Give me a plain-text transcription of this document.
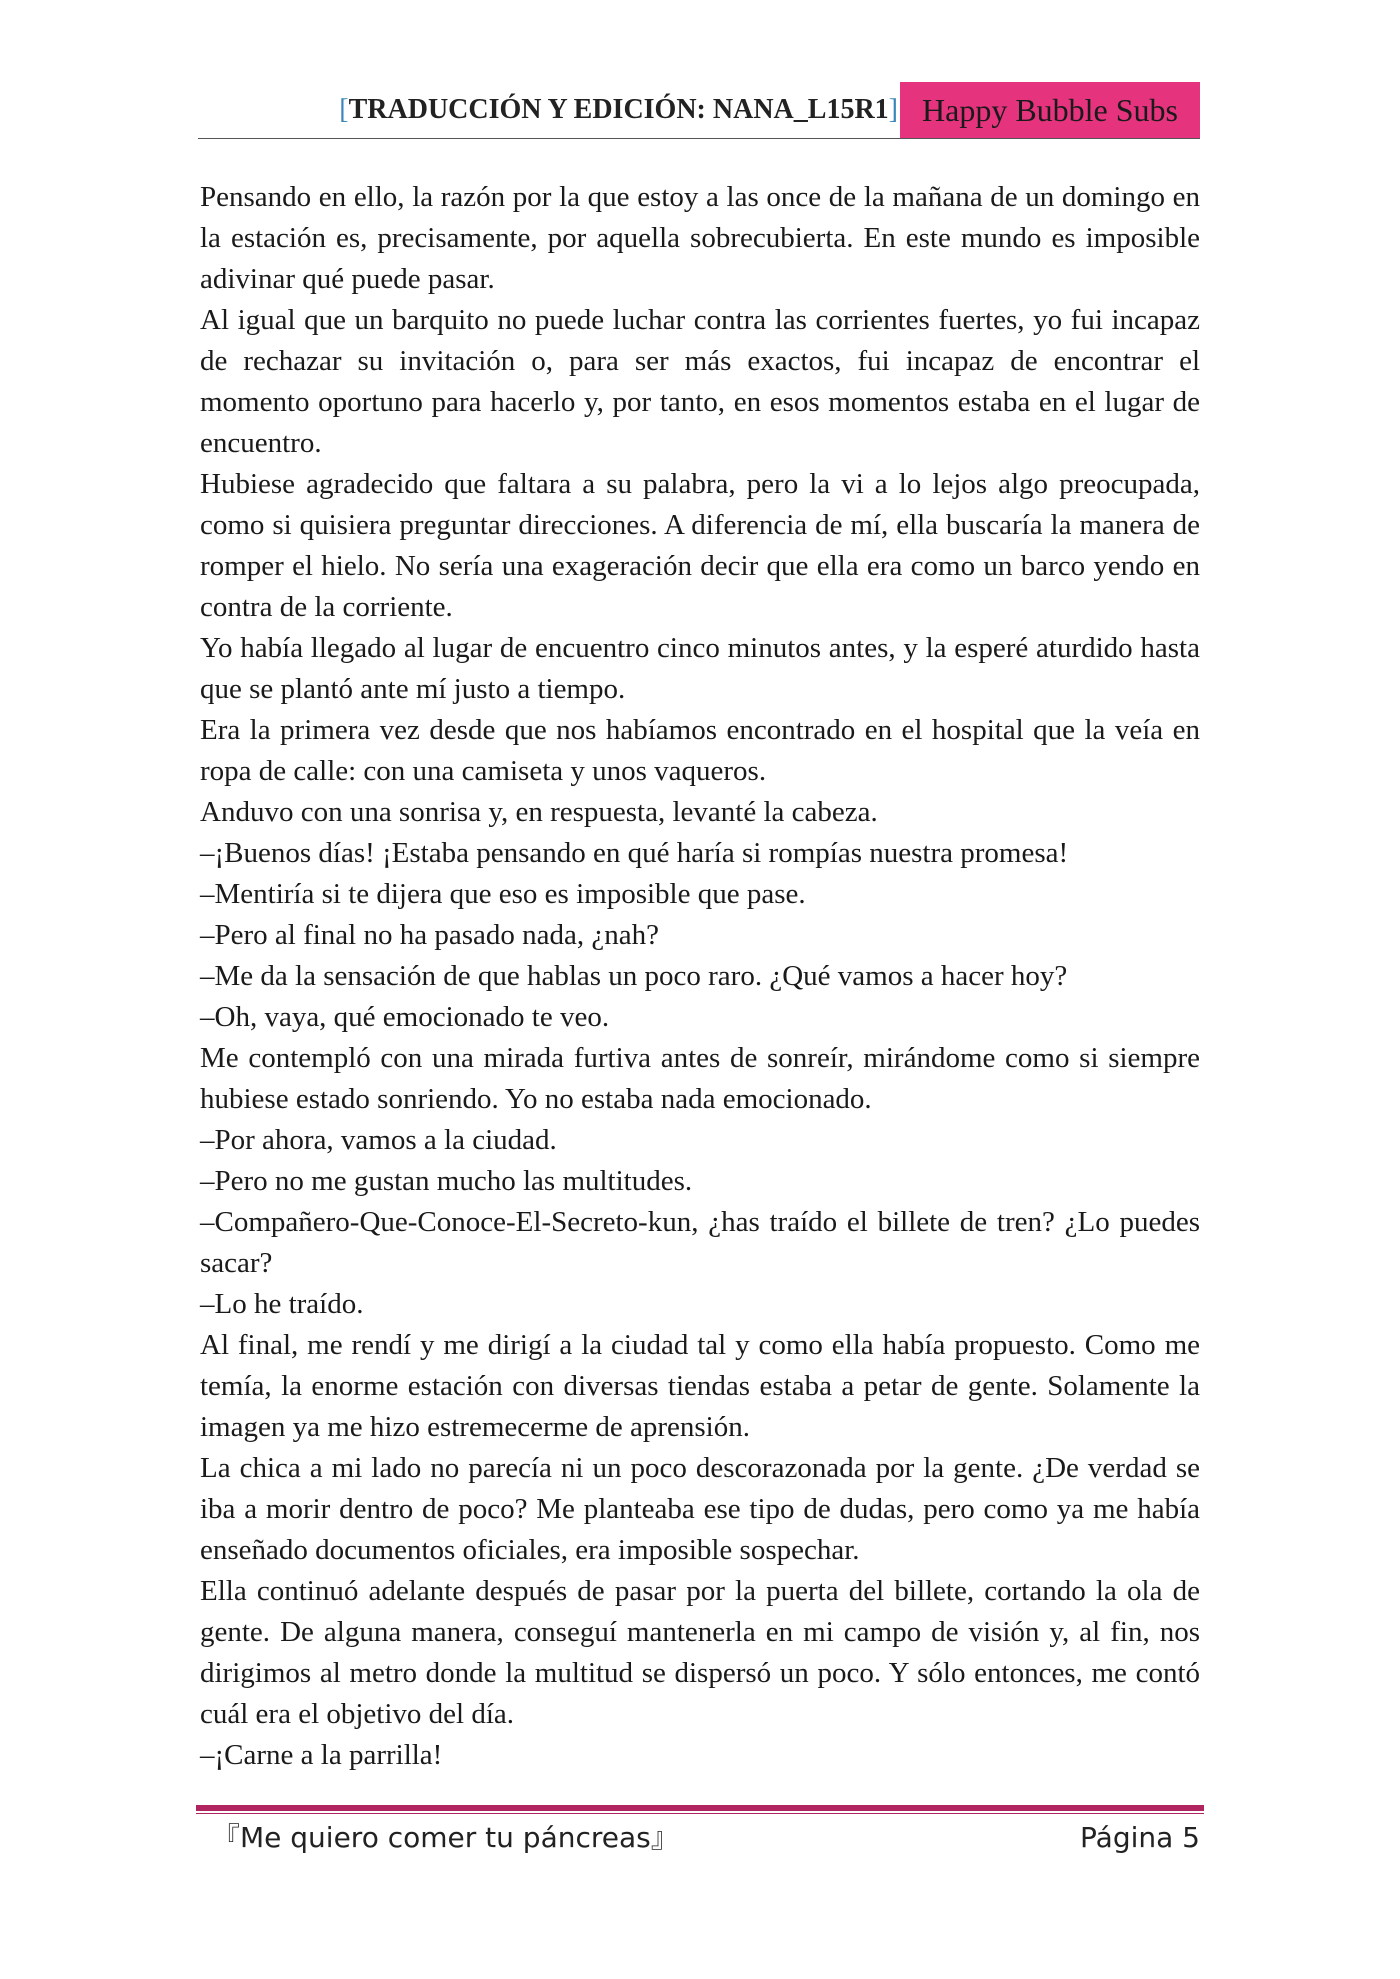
[TRADUCCIÓN Y EDICIÓN: NANA_L15R1] Happy Bubble Subs

Pensando en ello, la razón por la que estoy a las once de la mañana de un domingo en la estación es, precisamente, por aquella sobrecubierta. En este mundo es imposible adivinar qué puede pasar.

Al igual que un barquito no puede luchar contra las corrientes fuertes, yo fui incapaz de rechazar su invitación o, para ser más exactos, fui incapaz de encontrar el momento oportuno para hacerlo y, por tanto, en esos momentos estaba en el lugar de encuentro.

Hubiese agradecido que faltara a su palabra, pero la vi a lo lejos algo preocupada, como si quisiera preguntar direcciones. A diferencia de mí, ella buscaría la manera de romper el hielo. No sería una exageración decir que ella era como un barco yendo en contra de la corriente.

Yo había llegado al lugar de encuentro cinco minutos antes, y la esperé aturdido hasta que se plantó ante mí justo a tiempo.

Era la primera vez desde que nos habíamos encontrado en el hospital que la veía en ropa de calle: con una camiseta y unos vaqueros.

Anduvo con una sonrisa y, en respuesta, levanté la cabeza.

–¡Buenos días! ¡Estaba pensando en qué haría si rompías nuestra promesa!

–Mentiría si te dijera que eso es imposible que pase.

–Pero al final no ha pasado nada, ¿nah?

–Me da la sensación de que hablas un poco raro. ¿Qué vamos a hacer hoy?

–Oh, vaya, qué emocionado te veo.

Me contempló con una mirada furtiva antes de sonreír, mirándome como si siempre hubiese estado sonriendo. Yo no estaba nada emocionado.

–Por ahora, vamos a la ciudad.

–Pero no me gustan mucho las multitudes.

–Compañero-Que-Conoce-El-Secreto-kun, ¿has traído el billete de tren? ¿Lo puedes sacar?

–Lo he traído.

Al final, me rendí y me dirigí a la ciudad tal y como ella había propuesto. Como me temía, la enorme estación con diversas tiendas estaba a petar de gente. Solamente la imagen ya me hizo estremecerme de aprensión.

La chica a mi lado no parecía ni un poco descorazonada por la gente. ¿De verdad se iba a morir dentro de poco? Me planteaba ese tipo de dudas, pero como ya me había enseñado documentos oficiales, era imposible sospechar.

Ella continuó adelante después de pasar por la puerta del billete, cortando la ola de gente. De alguna manera, conseguí mantenerla en mi campo de visión y, al fin, nos dirigimos al metro donde la multitud se dispersó un poco. Y sólo entonces, me contó cuál era el objetivo del día.

–¡Carne a la parrilla!

『Me quiero comer tu páncreas』	Página 5
